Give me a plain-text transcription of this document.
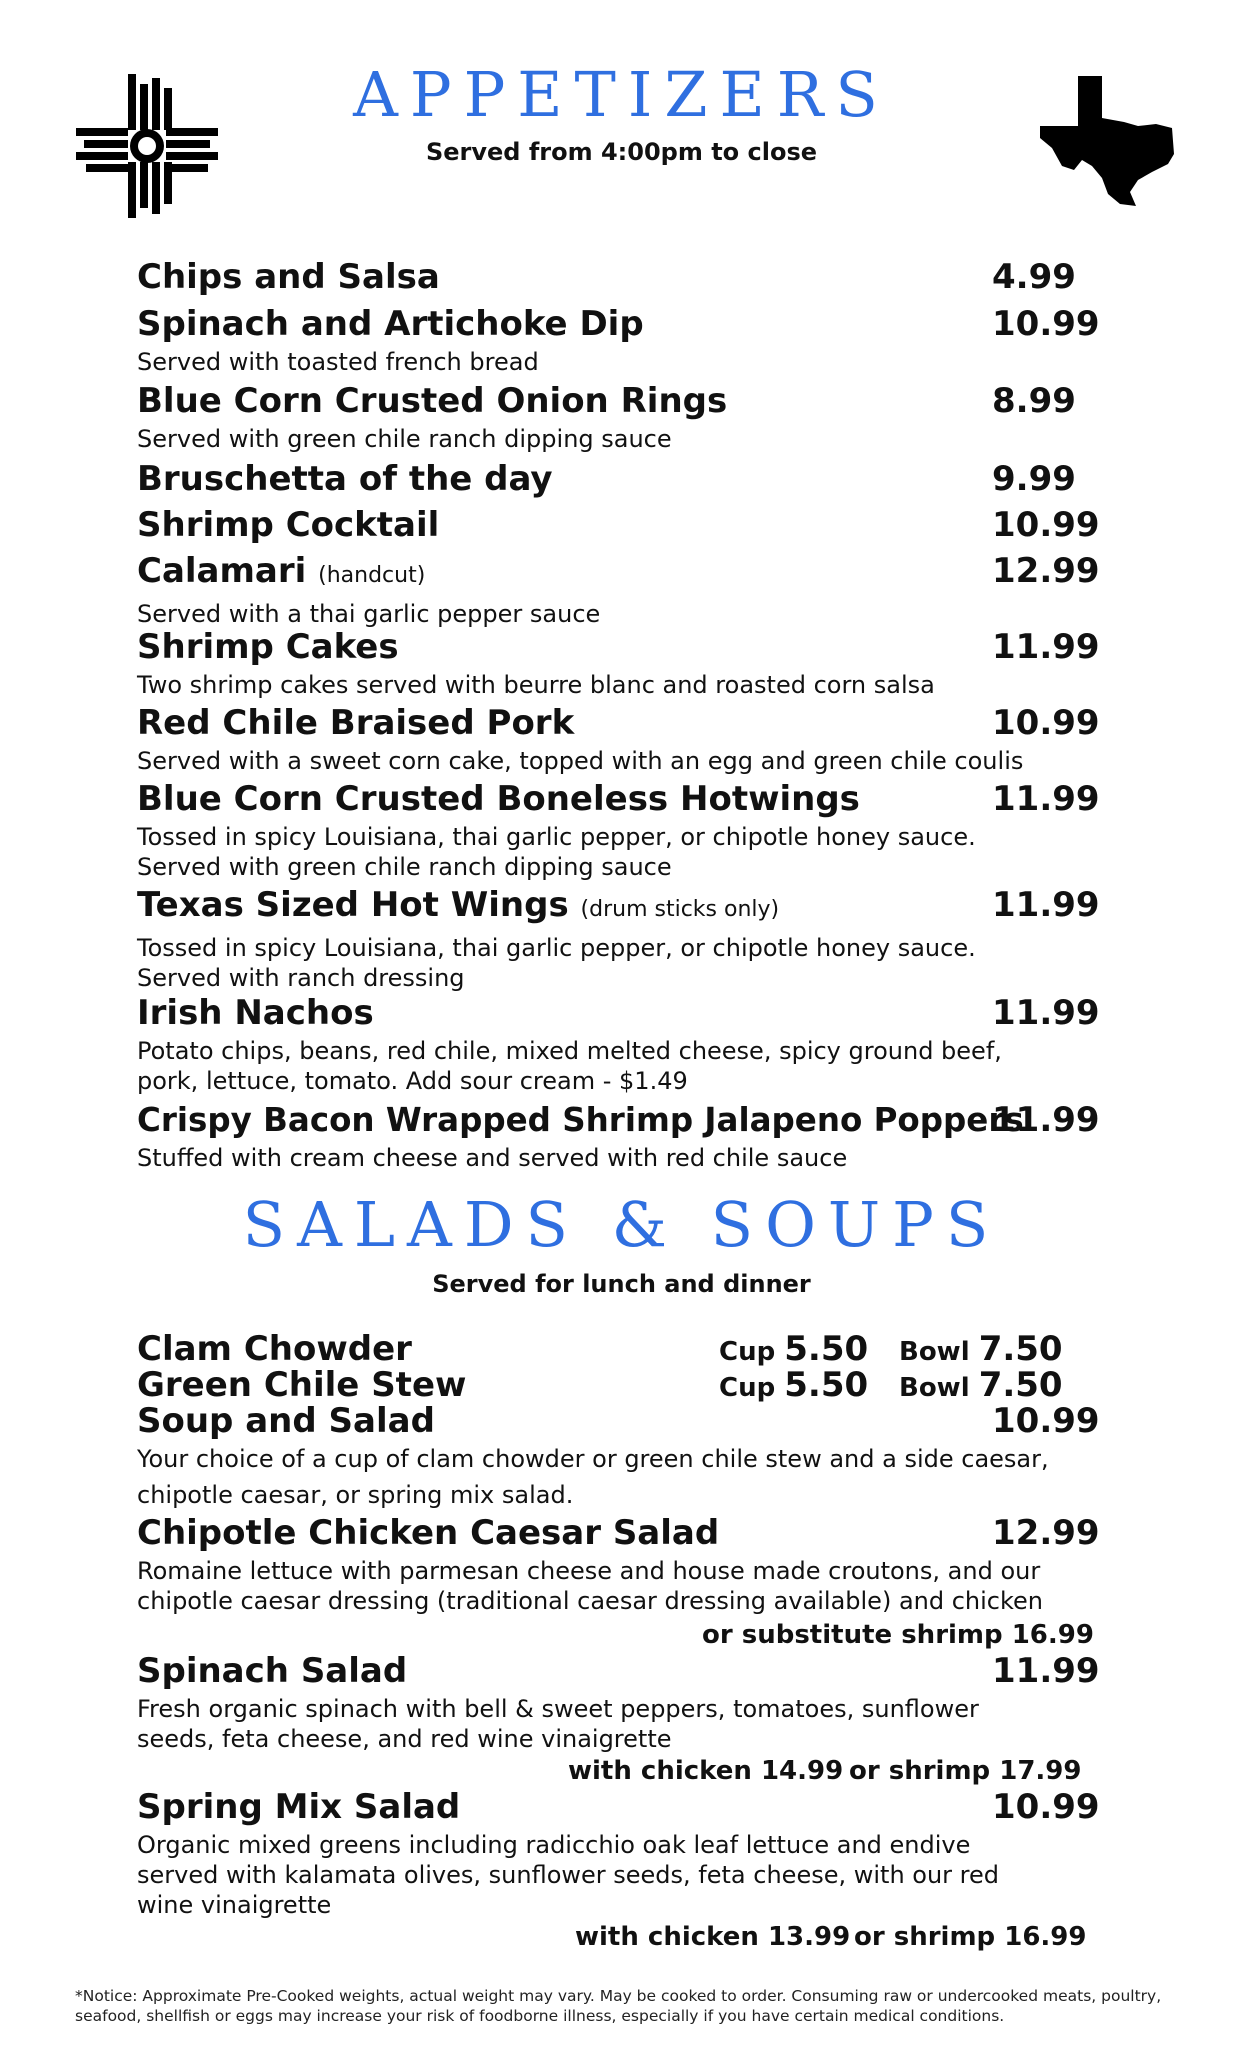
APPETIZERS
Served from 4:00pm to close
Chips and Salsa	4.99
Spinach and Artichoke Dip	10.99
Served with toasted french bread
Blue Corn Crusted Onion Rings	8.99
Served with green chile ranch dipping sauce
Bruschetta of the day	9.99
Shrimp Cocktail	10.99
Calamari (handcut)	12.99
Served with a thai garlic pepper sauce
Shrimp Cakes	11.99
Two shrimp cakes served with beurre blanc and roasted corn salsa
Red Chile Braised Pork	10.99
Served with a sweet corn cake, topped with an egg and green chile coulis
Blue Corn Crusted Boneless Hotwings	11.99
Tossed in spicy Louisiana, thai garlic pepper, or chipotle honey sauce.
Served with green chile ranch dipping sauce
Texas Sized Hot Wings (drum sticks only)	11.99
Tossed in spicy Louisiana, thai garlic pepper, or chipotle honey sauce.
Served with ranch dressing
Irish Nachos	11.99
Potato chips, beans, red chile, mixed melted cheese, spicy ground beef,
pork, lettuce, tomato. Add sour cream - $1.49
Crispy Bacon Wrapped Shrimp Jalapeno Poppers
11.99
Stuffed with cream cheese and served with red chile sauce
SALADS & SOUPS
Served for lunch and dinner
Clam Chowder	Cup 5.50 Bowl 7.50
Green Chile Stew	Cup 5.50 Bowl 7.50
Soup and Salad	10.99
Your choice of a cup of clam chowder or green chile stew and a side caesar,
chipotle caesar, or spring mix salad.
Chipotle Chicken Caesar Salad	12.99
Romaine lettuce with parmesan cheese and house made croutons, and our
chipotle caesar dressing (traditional caesar dressing available) and chicken
or substitute shrimp 16.99
Spinach Salad	11.99
Fresh organic spinach with bell & sweet peppers, tomatoes, sunflower
seeds, feta cheese, and red wine vinaigrette
with chicken 14.99 or shrimp 17.99
Spring Mix Salad	10.99
Organic mixed greens including radicchio oak leaf lettuce and endive
served with kalamata olives, sunflower seeds, feta cheese, with our red
wine vinaigrette
with chicken 13.99 or shrimp 16.99
*Notice: Approximate Pre-Cooked weights, actual weight may vary. May be cooked to order. Consuming raw or undercooked meats, poultry, seafood, shellfish or eggs may increase your risk of foodborne illness, especially if you have certain medical conditions.
